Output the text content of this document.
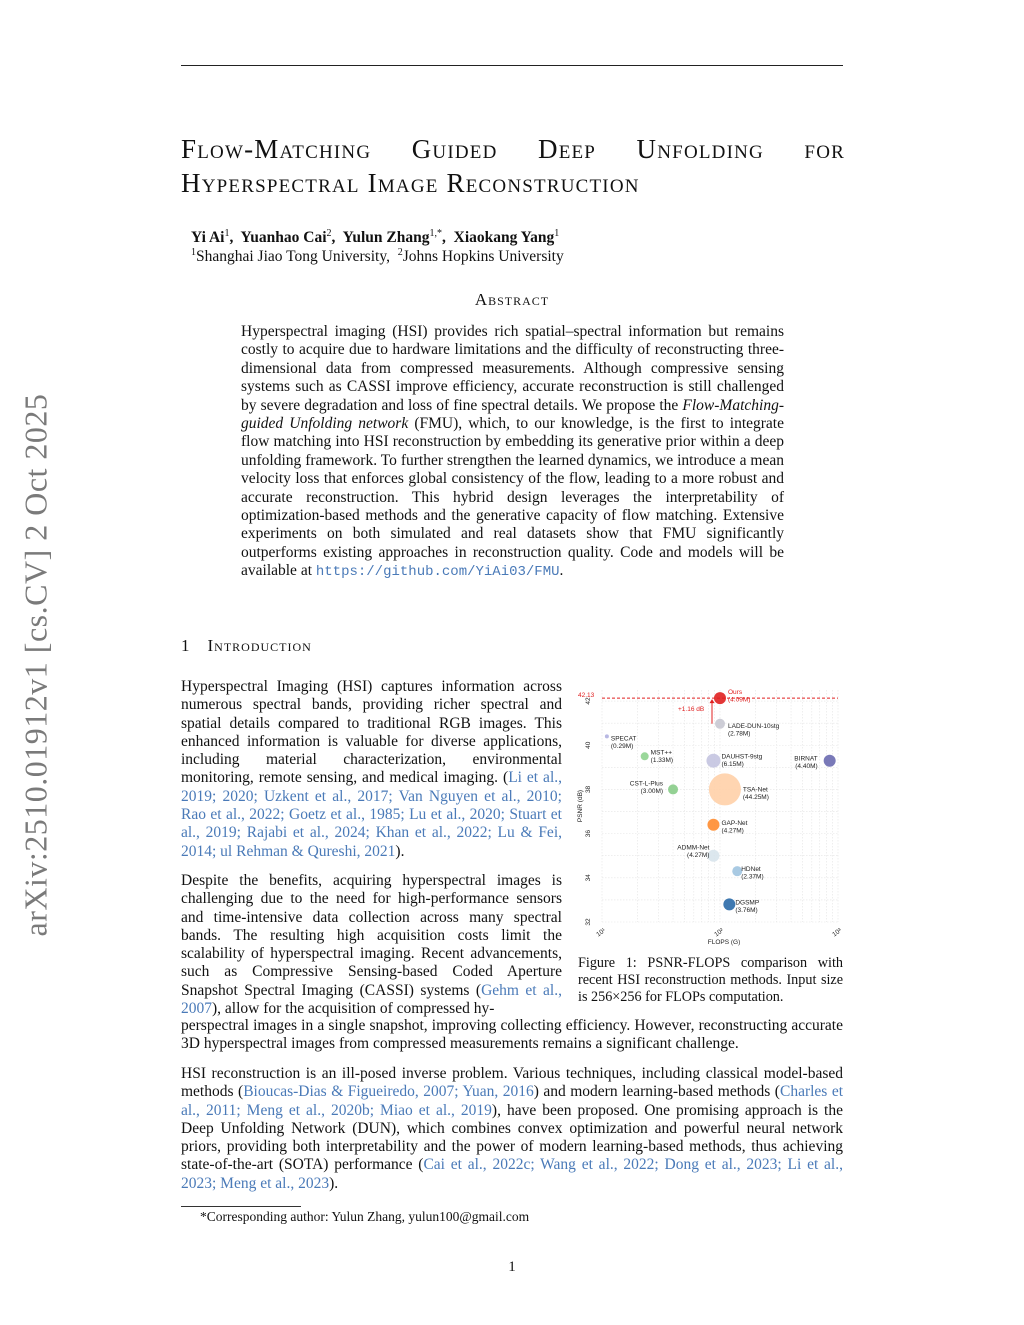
arXiv:2510.01912v1 [cs.CV] 2 Oct 2025
Flow-Matching Guided Deep Unfolding for
Hyperspectral Image Reconstruction
Yi Ai$^1$,  Yuanhao Cai$^2$,  Yulun Zhang$^{1,*}$,  Xiaokang Yang$^1$
$^1$Shanghai Jiao Tong University, $^2$Johns Hopkins University
Abstract
Hyperspectral imaging (HSI) provides rich spatial–spectral information but remains costly to acquire due to hardware limitations and the difficulty of reconstructing three-dimensional data from compressed measurements. Although compressive sensing systems such as CASSI improve efficiency, accurate reconstruction is still challenged by severe degradation and loss of fine spectral details. We propose the Flow-Matching-guided Unfolding network (FMU), which, to our knowledge, is the first to integrate flow matching into HSI reconstruction by embedding its generative prior within a deep unfolding framework. To further strengthen the learned dynamics, we introduce a mean velocity loss that enforces global consistency of the flow, leading to a more robust and accurate reconstruction. This hybrid design leverages the interpretability of optimization-based methods and the generative capacity of flow matching. Extensive experiments on both simulated and real datasets show that FMU significantly outperforms existing approaches in reconstruction quality. Code and models will be available at https://github.com/YiAi03/FMU.
1 Introduction
Hyperspectral Imaging (HSI) captures information across numerous spectral bands, providing richer spectral and spatial details compared to traditional RGB images. This enhanced information is valuable for diverse applications, including material characterization, environmental monitoring, remote sensing, and medical imaging. (Li et al., 2019; 2020; Uzkent et al., 2017; Van Nguyen et al., 2010; Rao et al., 2022; Goetz et al., 1985; Lu et al., 2020; Stuart et al., 2019; Rajabi et al., 2024; Khan et al., 2022; Lu & Fei, 2014; ul Rehman & Qureshi, 2021).
Despite the benefits, acquiring hyperspectral images is challenging due to the need for high-performance sensors and time-intensive data collection across many spectral bands. The resulting high acquisition costs limit the scalability of hyperspectral imaging. Recent advancements, such as Compressive Sensing-based Coded Aperture Snapshot Spectral Imaging (CASSI) systems (Gehm et al., 2007), allow for the acquisition of compressed hy-
perspectral images in a single snapshot, improving collecting efficiency. However, reconstructing accurate 3D hyperspectral images from compressed measurements remains a significant challenge.
HSI reconstruction is an ill-posed inverse problem. Various techniques, including classical model-based methods (Bioucas-Dias & Figueiredo, 2007; Yuan, 2016) and modern learning-based methods (Charles et al., 2011; Meng et al., 2020b; Miao et al., 2019), have been proposed. One promising approach is the Deep Unfolding Network (DUN), which combines convex optimization and powerful neural network priors, providing both interpretability and the power of modern learning-based methods, thus achieving state-of-the-art (SOTA) performance (Cai et al., 2022c; Wang et al., 2022; Dong et al., 2023; Li et al., 2023; Meng et al., 2023).
42.13
+1.16 dB
Ours
(4.09M)
LADE-DUN-10stg
(2.78M)
SPECAT
(0.29M)
MST++
(1.33M)	DAUHST-9stg
(6.15M)
BIRNAT
(4.40M)
CST-L-Plus
(3.00M)	TSA-Net
(44.25M)
GAP-Net
(4.27M)
ADMM-Net
(4.27M)
HDNet
(2.37M)
DGSMP
(3.76M)
32
34
36
38
40
42
10¹	10²	10³
FLOPS (G)
PSNR (dB)
Figure 1: PSNR-FLOPS comparison with recent HSI reconstruction methods. Input size is 256×256 for FLOPs computation.
*Corresponding author: Yulun Zhang, yulun100@gmail.com
1
